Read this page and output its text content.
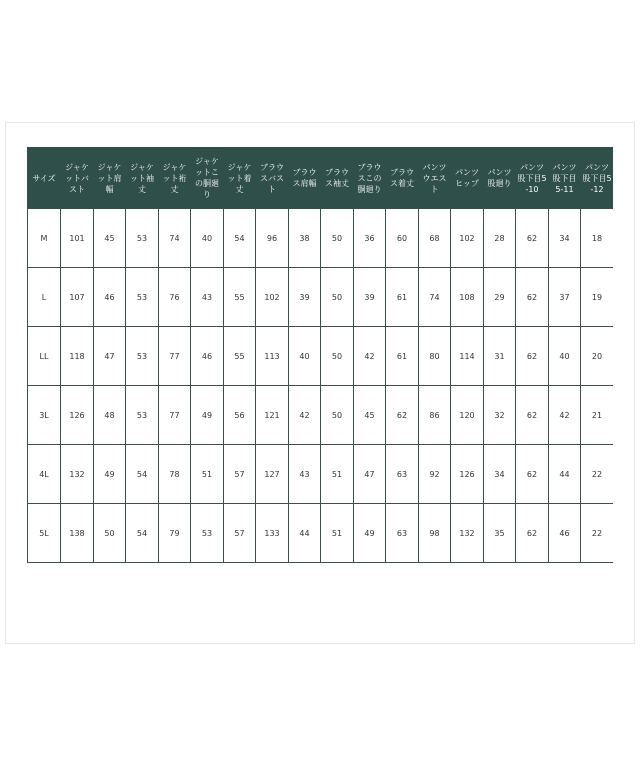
サイズ	ジャケットバスト	ジャケット肩幅	ジャケット袖丈	ジャケット裄丈	ジャケットこの胴廻り	ジャケット着丈	ブラウスバスト	ブラウス肩幅	ブラウス袖丈	ブラウスこの胴廻り	ブラウス着丈	パンツウエスト	パンツヒップ	パンツ股廻り	パンツ股下目5-10	パンツ股下目5-11	パンツ股下目5-12
M	101	45	53	74	40	54	96	38	50	36	60	68	102	28	62	34	18
L	107	46	53	76	43	55	102	39	50	39	61	74	108	29	62	37	19
LL	118	47	53	77	46	55	113	40	50	42	61	80	114	31	62	40	20
3L	126	48	53	77	49	56	121	42	50	45	62	86	120	32	62	42	21
4L	132	49	54	78	51	57	127	43	51	47	63	92	126	34	62	44	22
5L	138	50	54	79	53	57	133	44	51	49	63	98	132	35	62	46	22
